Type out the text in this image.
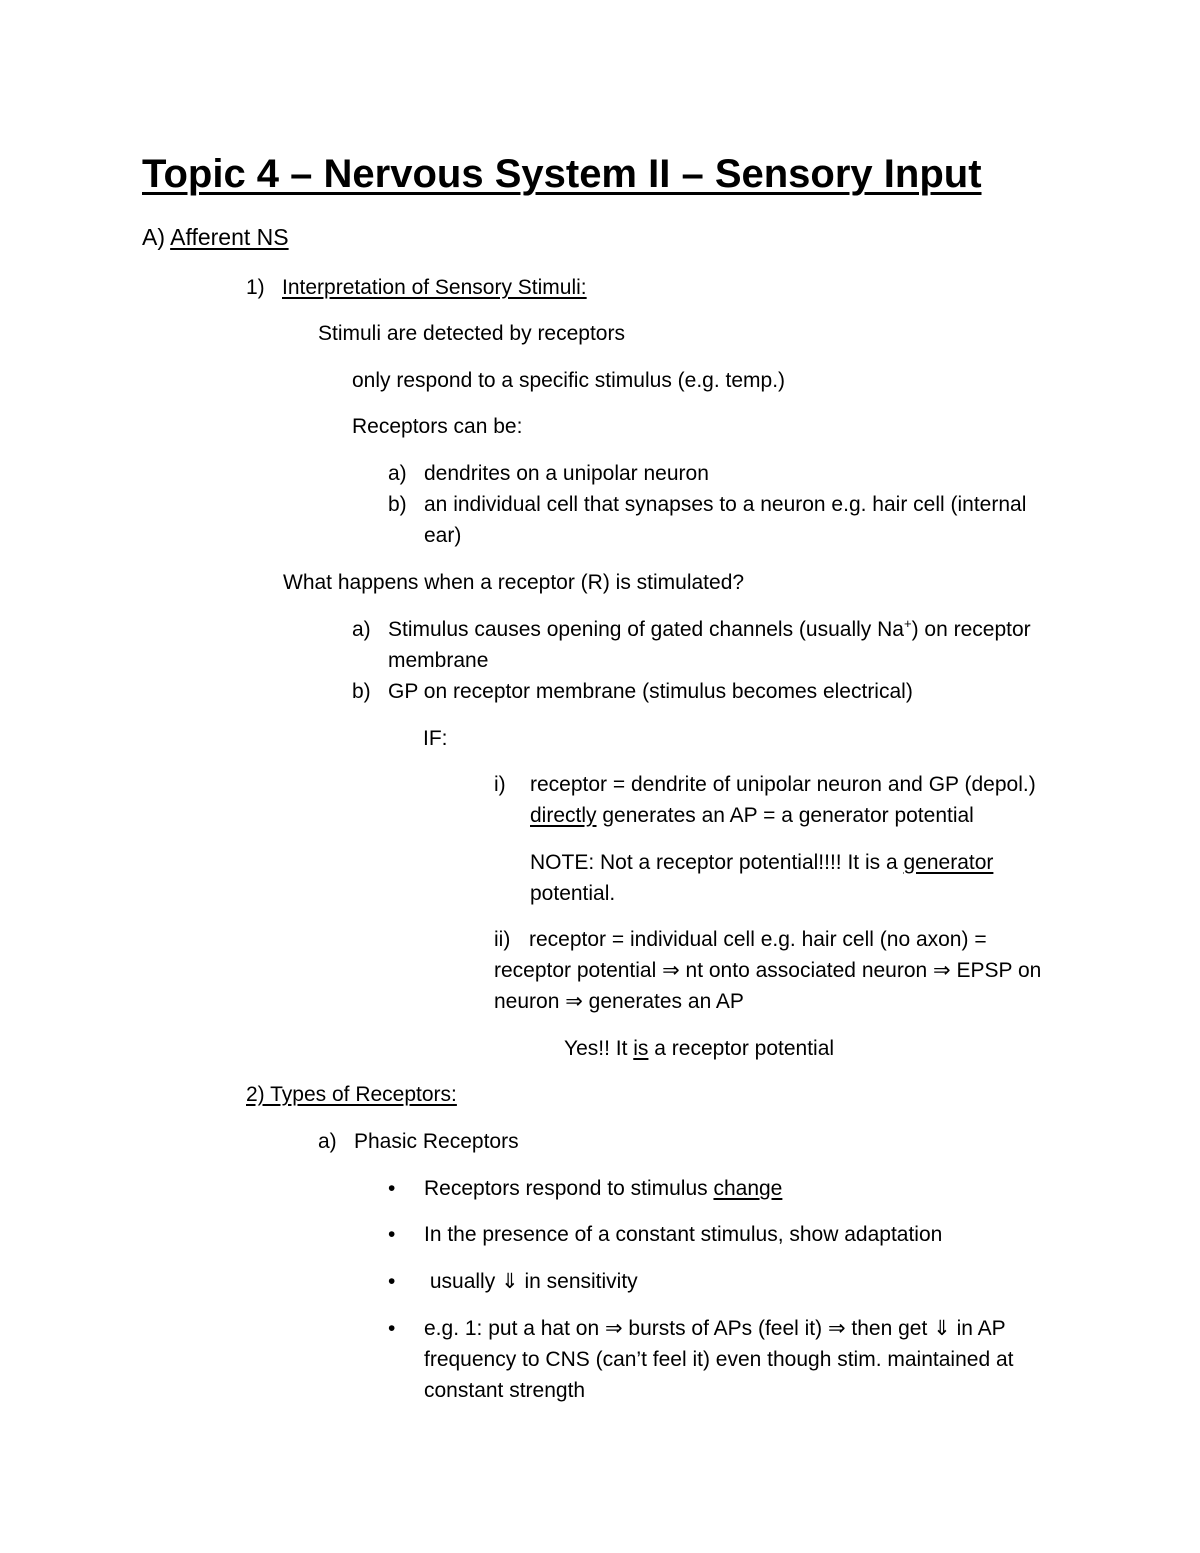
Topic 4 – Nervous System II – Sensory Input
A) Afferent NS
1) Interpretation of Sensory Stimuli:
Stimuli are detected by receptors
only respond to a specific stimulus (e.g. temp.)
Receptors can be:
a) dendrites on a unipolar neuron
b) an individual cell that synapses to a neuron e.g. hair cell (internal
ear)
What happens when a receptor (R) is stimulated?
a) Stimulus causes opening of gated channels (usually Na+) on receptor
membrane
b) GP on receptor membrane (stimulus becomes electrical)
IF:
i) receptor = dendrite of unipolar neuron and GP (depol.)
directly generates an AP = a generator potential
NOTE: Not a receptor potential!!!! It is a generator
potential.
ii) receptor = individual cell e.g. hair cell (no axon) =
receptor potential ⇒ nt onto associated neuron ⇒ EPSP on
neuron ⇒ generates an AP
Yes!! It is a receptor potential
2) Types of Receptors:
a) Phasic Receptors
• Receptors respond to stimulus change
• In the presence of a constant stimulus, show adaptation
• usually ⇓ in sensitivity
• e.g. 1: put a hat on ⇒ bursts of APs (feel it) ⇒ then get ⇓ in AP
frequency to CNS (can’t feel it) even though stim. maintained at
constant strength
